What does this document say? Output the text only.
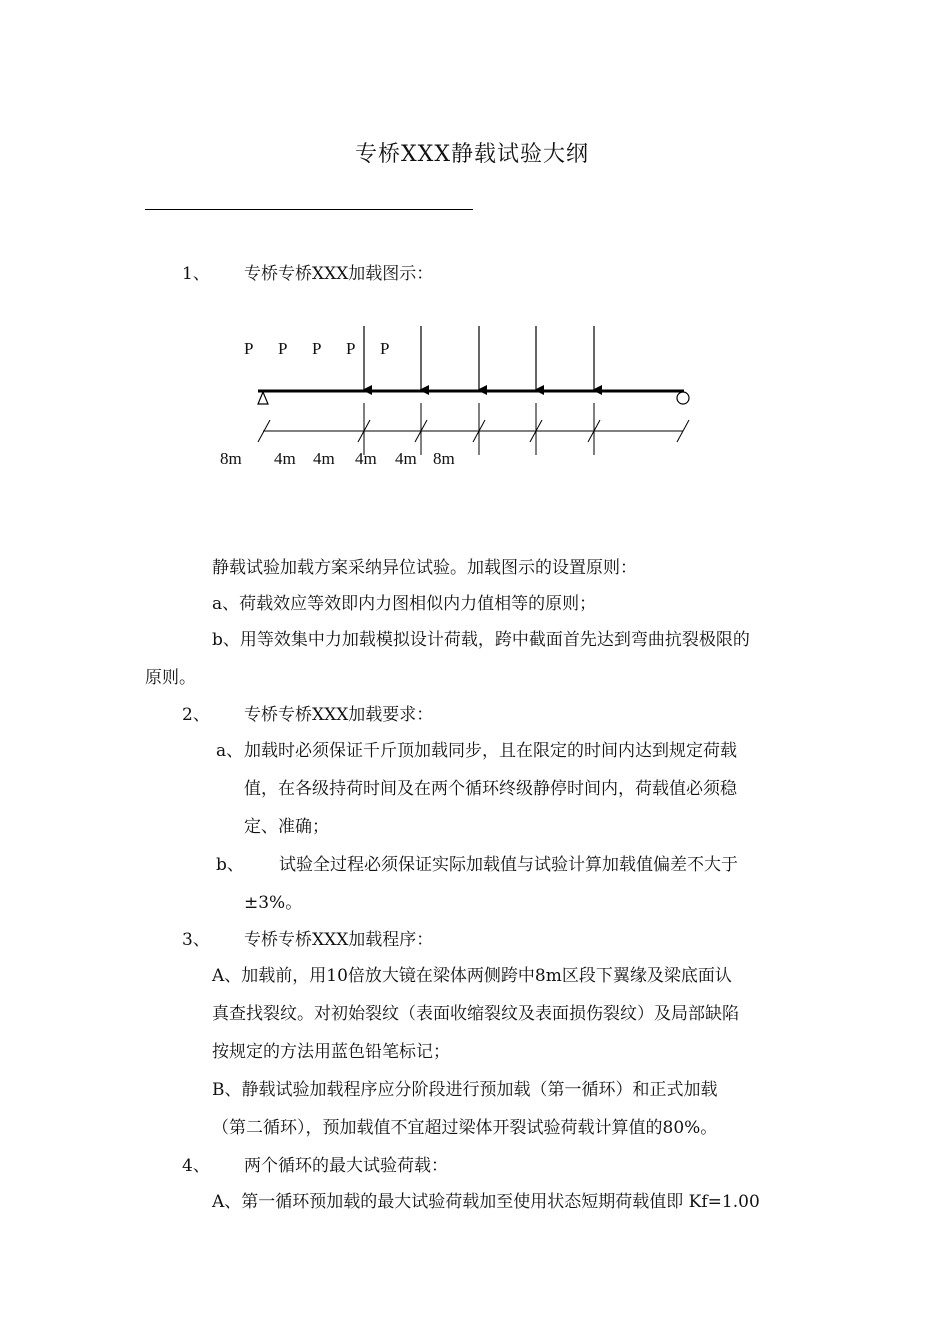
专桥XXX静载试验大纲
1、 专桥专桥XXX加载图示：
P P P P P
8m 4m 4m 4m 4m 8m
静载试验加载方案采纳异位试验。加载图示的设置原则：
a、荷载效应等效即内力图相似内力值相等的原则；
b、用等效集中力加载模拟设计荷载，跨中截面首先达到弯曲抗裂极限的
原则。
2、 专桥专桥XXX加载要求：
a、 加载时必须保证千斤顶加载同步，且在限定的时间内达到规定荷载
值，在各级持荷时间及在两个循环终级静停时间内，荷载值必须稳
定、准确；
b、 试验全过程必须保证实际加载值与试验计算加载值偏差不大于
±3%。
3、 专桥专桥XXX加载程序：
A、加载前，用10倍放大镜在梁体两侧跨中8m区段下翼缘及梁底面认
真查找裂纹。对初始裂纹（表面收缩裂纹及表面损伤裂纹）及局部缺陷
按规定的方法用蓝色铅笔标记；
B、静载试验加载程序应分阶段进行预加载（第一循环）和正式加载
（第二循环），预加载值不宜超过梁体开裂试验荷载计算值的80%。
4、 两个循环的最大试验荷载：
A、第一循环预加载的最大试验荷载加至使用状态短期荷载值即 Kf=1.00
